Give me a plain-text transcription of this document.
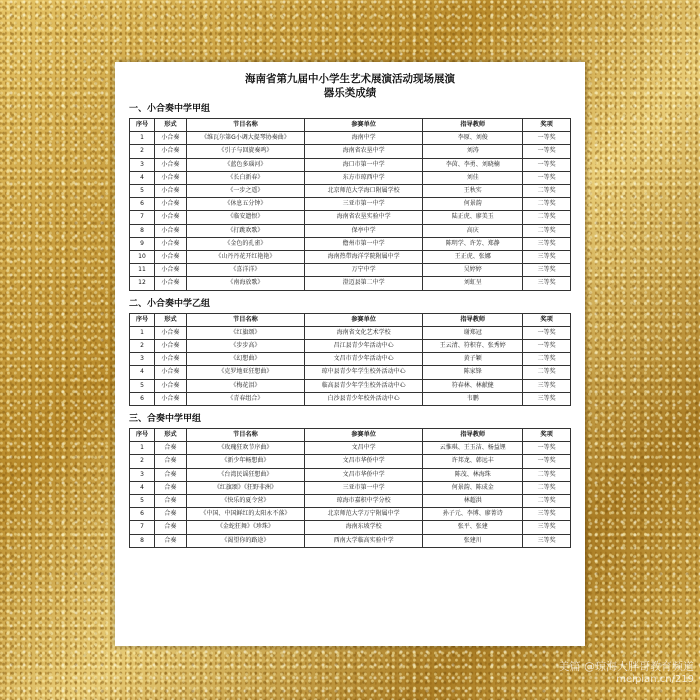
海南省第九届中小学生艺术展演活动现场展演
器乐类成绩
一、小合奏中学甲组
序号	形式	节目名称	参赛单位	指导教师	奖项
1	小合奏	《维瓦尔第G小调大提琴协奏曲》	海南中学	李原、刘俊	一等奖
2	小合奏	《引子与回旋奏鸣》	海南省农垦中学	刘涛	一等奖
3	小合奏	《蓝色多瑙河》	海口市第一中学	李茵、李勇、刘晓楠	一等奖
4	小合奏	《长白新春》	东方市琼西中学	刘佳	一等奖
5	小合奏	《一步之遥》	北京师范大学海口附属学校	王秋实	二等奖
6	小合奏	《休息五分钟》	三亚市第一中学	何景韵	二等奖
7	小合奏	《临安遗恨》	海南省农垦实验中学	陆正虎、廖美玉	二等奖
8	小合奏	《打跳欢歌》	保亭中学	高庆	二等奖
9	小合奏	《金色的孔雀》	儋州市第一中学	陈明学、许芳、郑静	三等奖
10	小合奏	《山丹丹花开红艳艳》	海南热带海洋学院附属中学	王正虎、张娜	三等奖
11	小合奏	《喜洋洋》	万宁中学	吴婷婷	三等奖
12	小合奏	《南海放歌》	澄迈县第二中学	刘虹呈	三等奖
二、小合奏中学乙组
序号	形式	节目名称	参赛单位	指导教师	奖项
1	小合奏	《红旗颂》	海南省文化艺术学校	谢郑冠	一等奖
2	小合奏	《步步高》	昌江县青少年活动中心	王云清、符积存、张秀婷	一等奖
3	小合奏	《幻想曲》	文昌市青少年活动中心	黄子颖	二等奖
4	小合奏	《克罗地亚狂想曲》	琼中县青少年学生校外活动中心	陈家锋	二等奖
5	小合奏	《梅花泪》	临高县青少年学生校外活动中心	符春林、林献健	三等奖
6	小合奏	《青春组合》	白沙县青少年校外活动中心	韦鹏	三等奖
三、合奏中学甲组
序号	形式	节目名称	参赛单位	指导教师	奖项
1	合奏	《玫瑰狂欢节序曲》	文昌中学	云惟琪、王玉洁、杨益锂	一等奖
2	合奏	《新少年畅想曲》	文昌市华侨中学	许邦龙、韩远丰	一等奖
3	合奏	《台湾民谣狂想曲》	文昌市华侨中学	陈茂、林海珠	二等奖
4	合奏	《红旗颂》《狂野非洲》	三亚市第一中学	何景韵、陈成金	二等奖
5	合奏	《快乐的夏令营》	琼海市嘉积中学分校	林超洪	二等奖
6	合奏	《中国、中国鲜红的太阳永不落》	北京师范大学万宁附属中学	孙子元、李博、廖菁诗	三等奖
7	合奏	《金蛇狂舞》《珍珠》	海南东坡学校	张平、张建	三等奖
8	合奏	《渴望你的路途》	西南大学临高实验中学	张建川	三等奖
美篇 @琼海大胖哥教育频道
meipian.cn/219
